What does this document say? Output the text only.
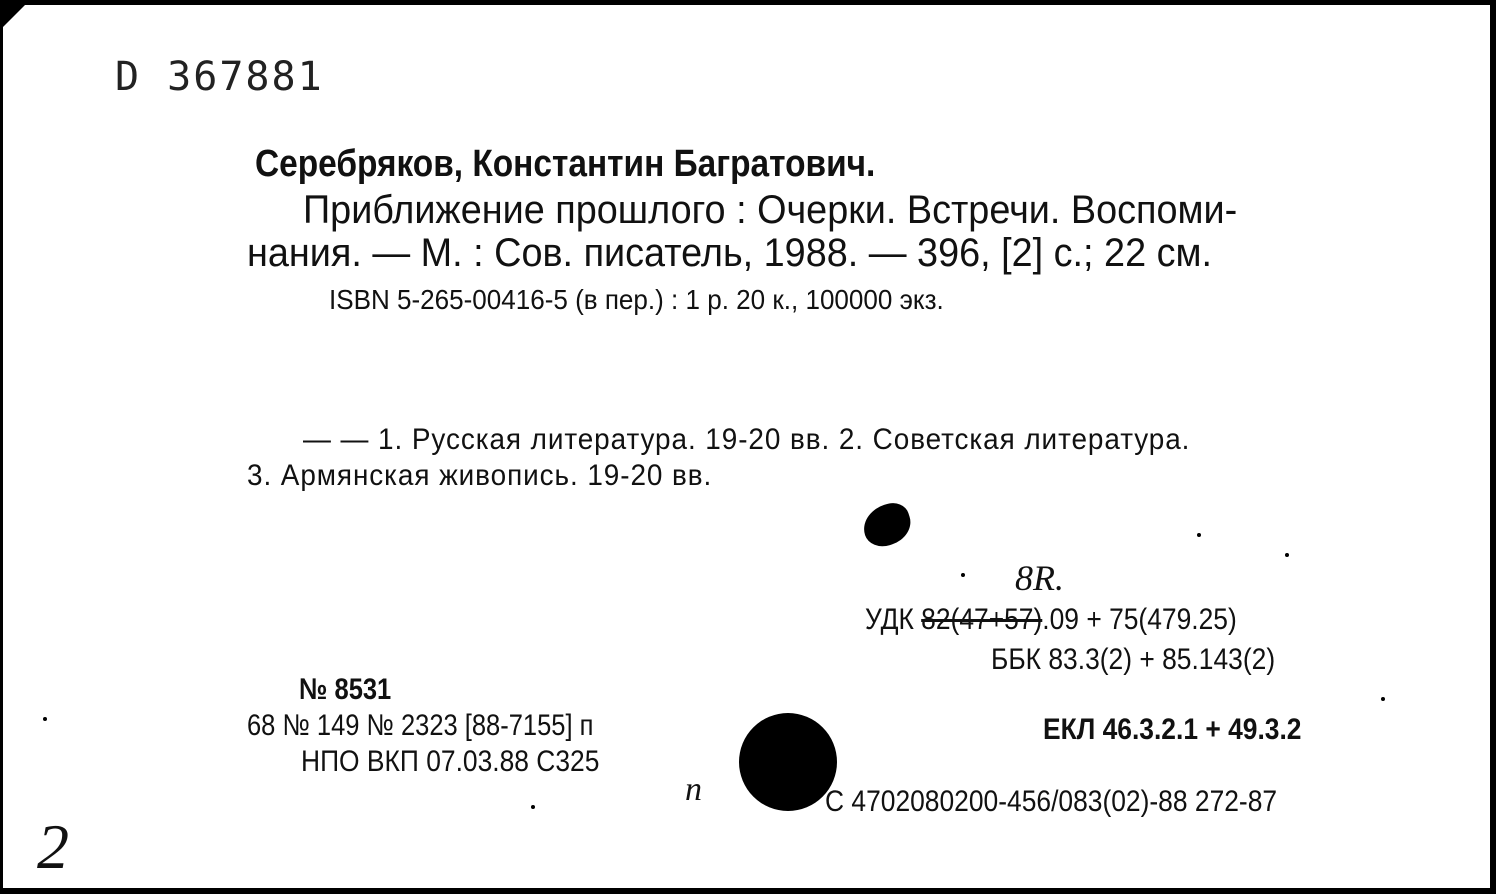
D 367881
Серебряков, Константин Багратович.
Приближение прошлого : Очерки. Встречи. Воспоми-
нания. — М. : Сов. писатель, 1988. — 396, [2] с.; 22 см.
ISBN 5-265-00416-5 (в пер.) : 1 р. 20 к., 100000 экз.
— — 1. Русская литература. 19-20 вв. 2. Советская литература.
3. Армянская живопись. 19-20 вв.
8R.
УДК 82(47+57).09 + 75(479.25)
ББК 83.3(2) + 85.143(2)
№ 8531
68 № 149 № 2323 [88-7155] п	ЕКЛ 46.3.2.1 + 49.3.2
НПО ВКП 07.03.88 С325
n	С 4702080200-456/083(02)-88 272-87
2
